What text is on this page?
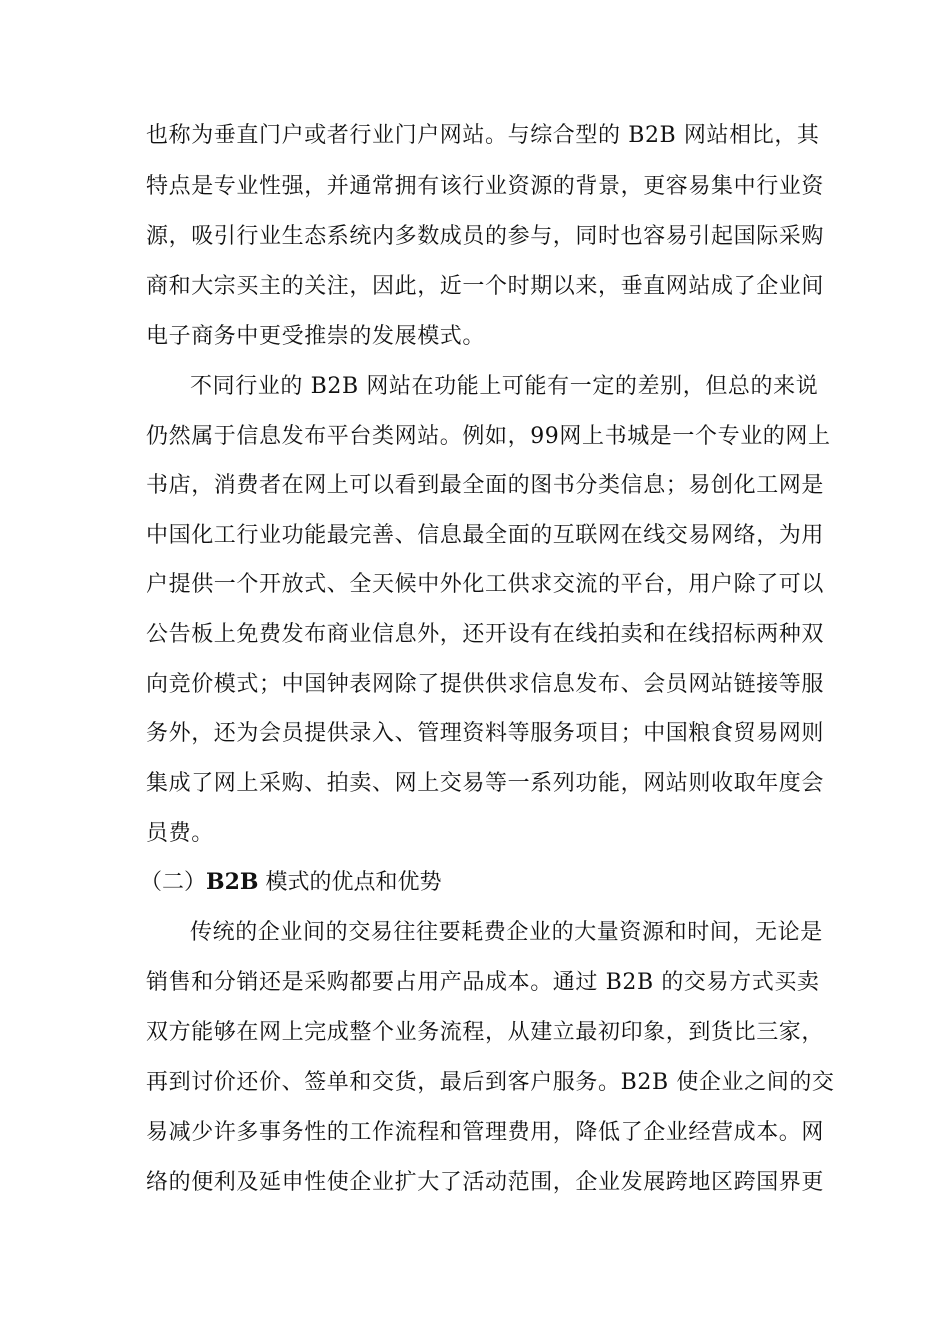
也称为垂直门户或者行业门户网站。与综合型的 B2B 网站相比，其
特点是专业性强，并通常拥有该行业资源的背景，更容易集中行业资
源，吸引行业生态系统内多数成员的参与，同时也容易引起国际采购
商和大宗买主的关注，因此，近一个时期以来，垂直网站成了企业间
电子商务中更受推崇的发展模式。
不同行业的 B2B 网站在功能上可能有一定的差别，但总的来说
仍然属于信息发布平台类网站。例如，99网上书城是一个专业的网上
书店，消费者在网上可以看到最全面的图书分类信息；易创化工网是
中国化工行业功能最完善、信息最全面的互联网在线交易网络，为用
户提供一个开放式、全天候中外化工供求交流的平台，用户除了可以
公告板上免费发布商业信息外，还开设有在线拍卖和在线招标两种双
向竞价模式；中国钟表网除了提供供求信息发布、会员网站链接等服
务外，还为会员提供录入、管理资料等服务项目；中国粮食贸易网则
集成了网上采购、拍卖、网上交易等一系列功能，网站则收取年度会
员费。
（二）B2B 模式的优点和优势
传统的企业间的交易往往要耗费企业的大量资源和时间，无论是
销售和分销还是采购都要占用产品成本。通过 B2B 的交易方式买卖
双方能够在网上完成整个业务流程，从建立最初印象，到货比三家，
再到讨价还价、签单和交货，最后到客户服务。B2B 使企业之间的交
易减少许多事务性的工作流程和管理费用，降低了企业经营成本。网
络的便利及延申性使企业扩大了活动范围，企业发展跨地区跨国界更
